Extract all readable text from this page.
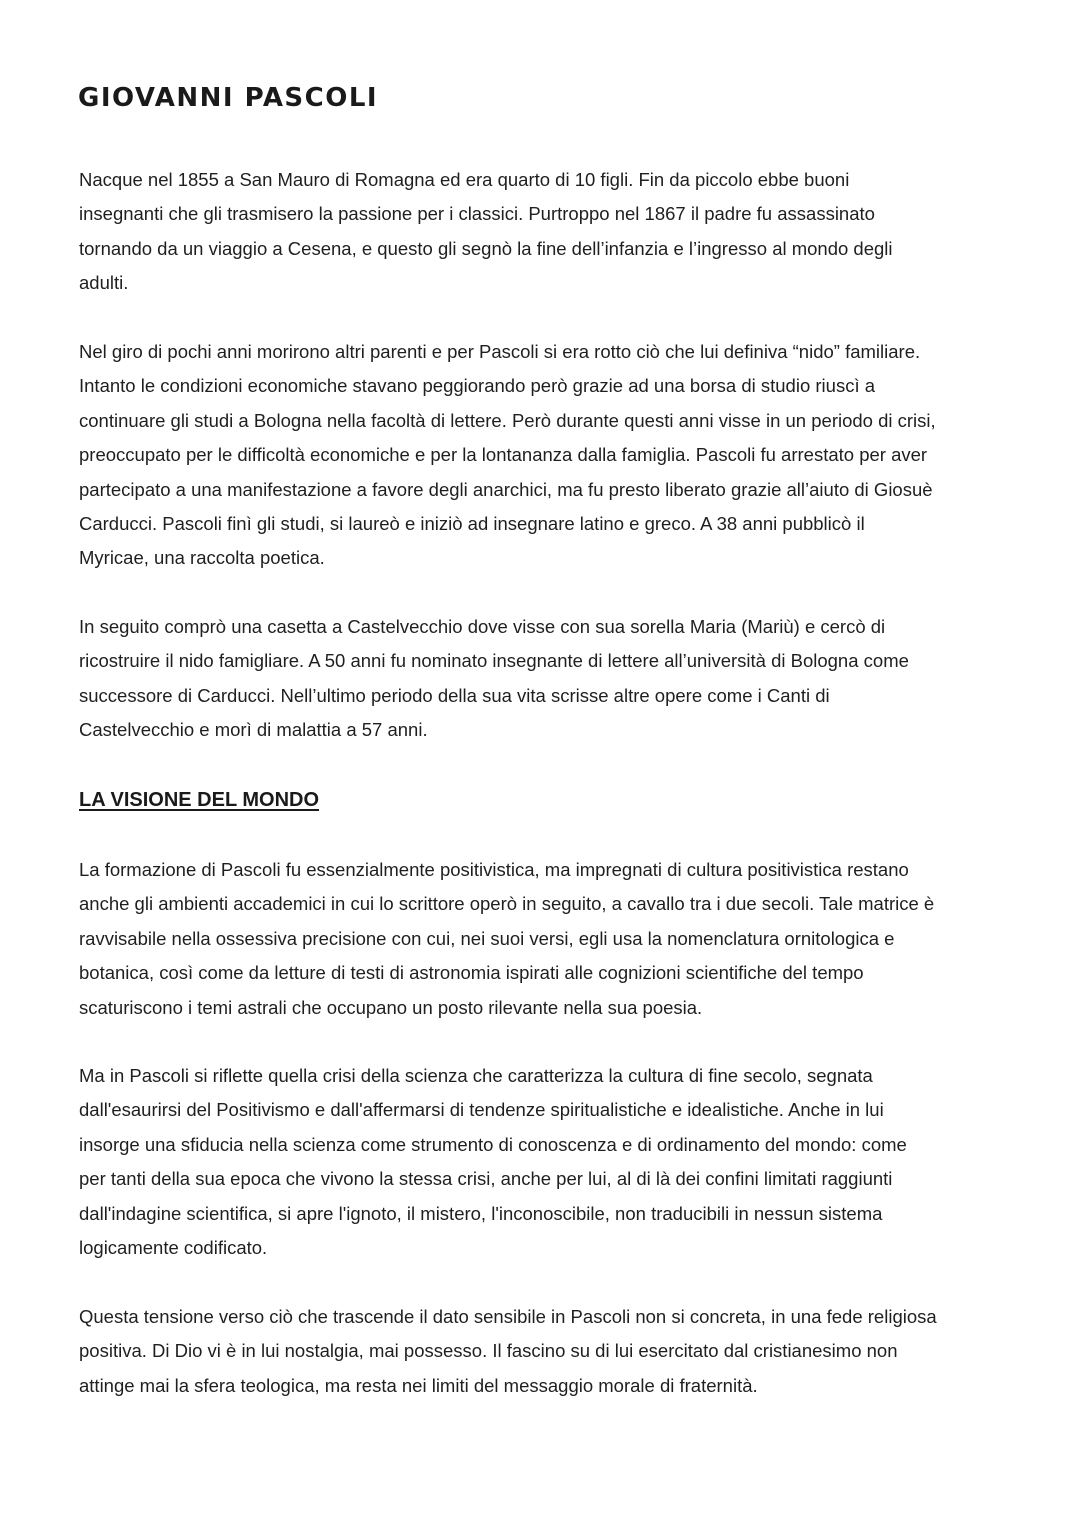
GIOVANNI PASCOLI

Nacque nel 1855 a San Mauro di Romagna ed era quarto di 10 figli. Fin da piccolo ebbe buoni
insegnanti che gli trasmisero la passione per i classici. Purtroppo nel 1867 il padre fu assassinato
tornando da un viaggio a Cesena, e questo gli segnò la fine dell’infanzia e l’ingresso al mondo degli
adulti.

Nel giro di pochi anni morirono altri parenti e per Pascoli si era rotto ciò che lui definiva “nido” familiare.
Intanto le condizioni economiche stavano peggiorando però grazie ad una borsa di studio riuscì a
continuare gli studi a Bologna nella facoltà di lettere. Però durante questi anni visse in un periodo di crisi,
preoccupato per le difficoltà economiche e per la lontananza dalla famiglia. Pascoli fu arrestato per aver
partecipato a una manifestazione a favore degli anarchici, ma fu presto liberato grazie all’aiuto di Giosuè
Carducci. Pascoli finì gli studi, si laureò e iniziò ad insegnare latino e greco. A 38 anni pubblicò il
Myricae, una raccolta poetica.

In seguito comprò una casetta a Castelvecchio dove visse con sua sorella Maria (Mariù) e cercò di
ricostruire il nido famigliare. A 50 anni fu nominato insegnante di lettere all’università di Bologna come
successore di Carducci. Nell’ultimo periodo della sua vita scrisse altre opere come i Canti di
Castelvecchio e morì di malattia a 57 anni.

LA VISIONE DEL MONDO

La formazione di Pascoli fu essenzialmente positivistica, ma impregnati di cultura positivistica restano
anche gli ambienti accademici in cui lo scrittore operò in seguito, a cavallo tra i due secoli. Tale matrice è
ravvisabile nella ossessiva precisione con cui, nei suoi versi, egli usa la nomenclatura ornitologica e
botanica, così come da letture di testi di astronomia ispirati alle cognizioni scientifiche del tempo
scaturiscono i temi astrali che occupano un posto rilevante nella sua poesia.

Ma in Pascoli si riflette quella crisi della scienza che caratterizza la cultura di fine secolo, segnata
dall'esaurirsi del Positivismo e dall'affermarsi di tendenze spiritualistiche e idealistiche. Anche in lui
insorge una sfiducia nella scienza come strumento di conoscenza e di ordinamento del mondo: come
per tanti della sua epoca che vivono la stessa crisi, anche per lui, al di là dei confini limitati raggiunti
dall'indagine scientifica, si apre l'ignoto, il mistero, l'inconoscibile, non traducibili in nessun sistema
logicamente codificato.

Questa tensione verso ciò che trascende il dato sensibile in Pascoli non si concreta, in una fede religiosa
positiva. Di Dio vi è in lui nostalgia, mai possesso. Il fascino su di lui esercitato dal cristianesimo non
attinge mai la sfera teologica, ma resta nei limiti del messaggio morale di fraternità.
